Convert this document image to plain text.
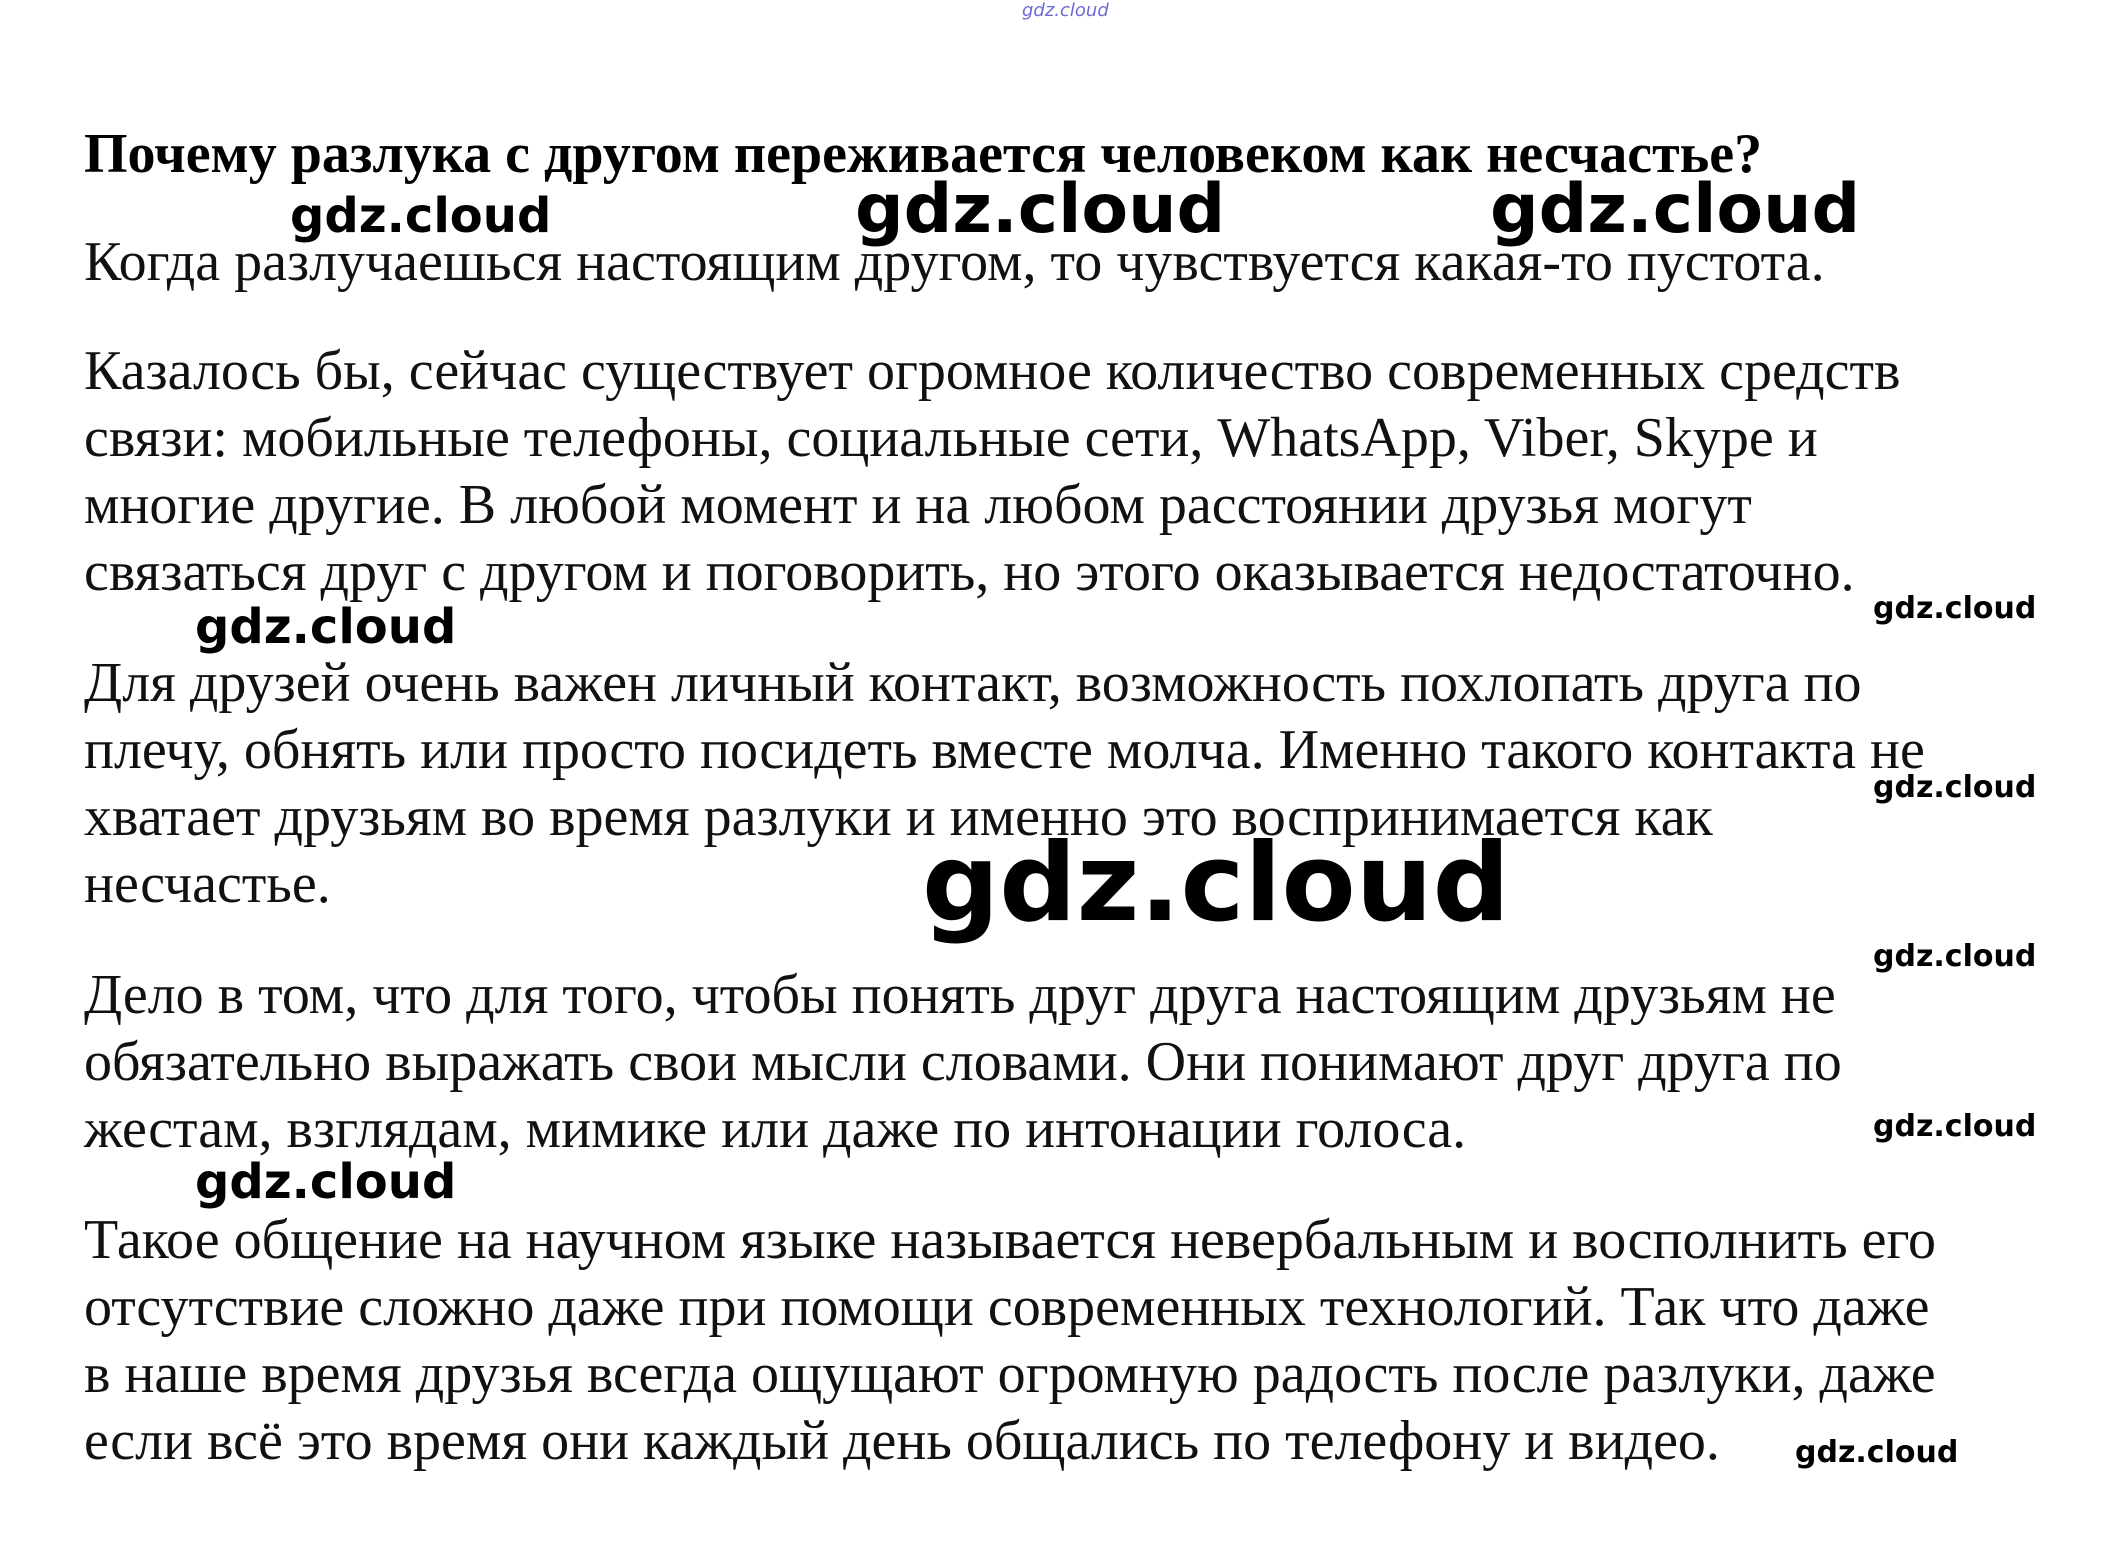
gdz.cloud
Почему разлука с другом переживается человеком как несчастье?
gdz.cloud	gdz.cloud	gdz.cloud

Когда разлучаешься настоящим другом, то чувствуется какая-то пустота.

Казалось бы, сейчас существует огромное количество современных средств
связи: мобильные телефоны, социальные сети, WhatsApp, Viber, Skype и
многие другие. В любой момент и на любом расстоянии друзья могут
связаться друг с другом и поговорить, но этого оказывается недостаточно.

gdz.cloud
gdz.cloud

Для друзей очень важен личный контакт, возможность похлопать друга по
плечу, обнять или просто посидеть вместе молча. Именно такого контакта не
хватает друзьям во время разлуки и именно это воспринимается как
несчастье.

gdz.cloud
gdz.cloud
gdz.cloud

Дело в том, что для того, чтобы понять друг друга настоящим друзьям не
обязательно выражать свои мысли словами. Они понимают друг друга по
жестам, взглядам, мимике или даже по интонации голоса.	gdz.cloud
gdz.cloud

Такое общение на научном языке называется невербальным и восполнить его
отсутствие сложно даже при помощи современных технологий. Так что даже
в наше время друзья всегда ощущают огромную радость после разлуки, даже
если всё это время они каждый день общались по телефону и видео.	gdz.cloud
